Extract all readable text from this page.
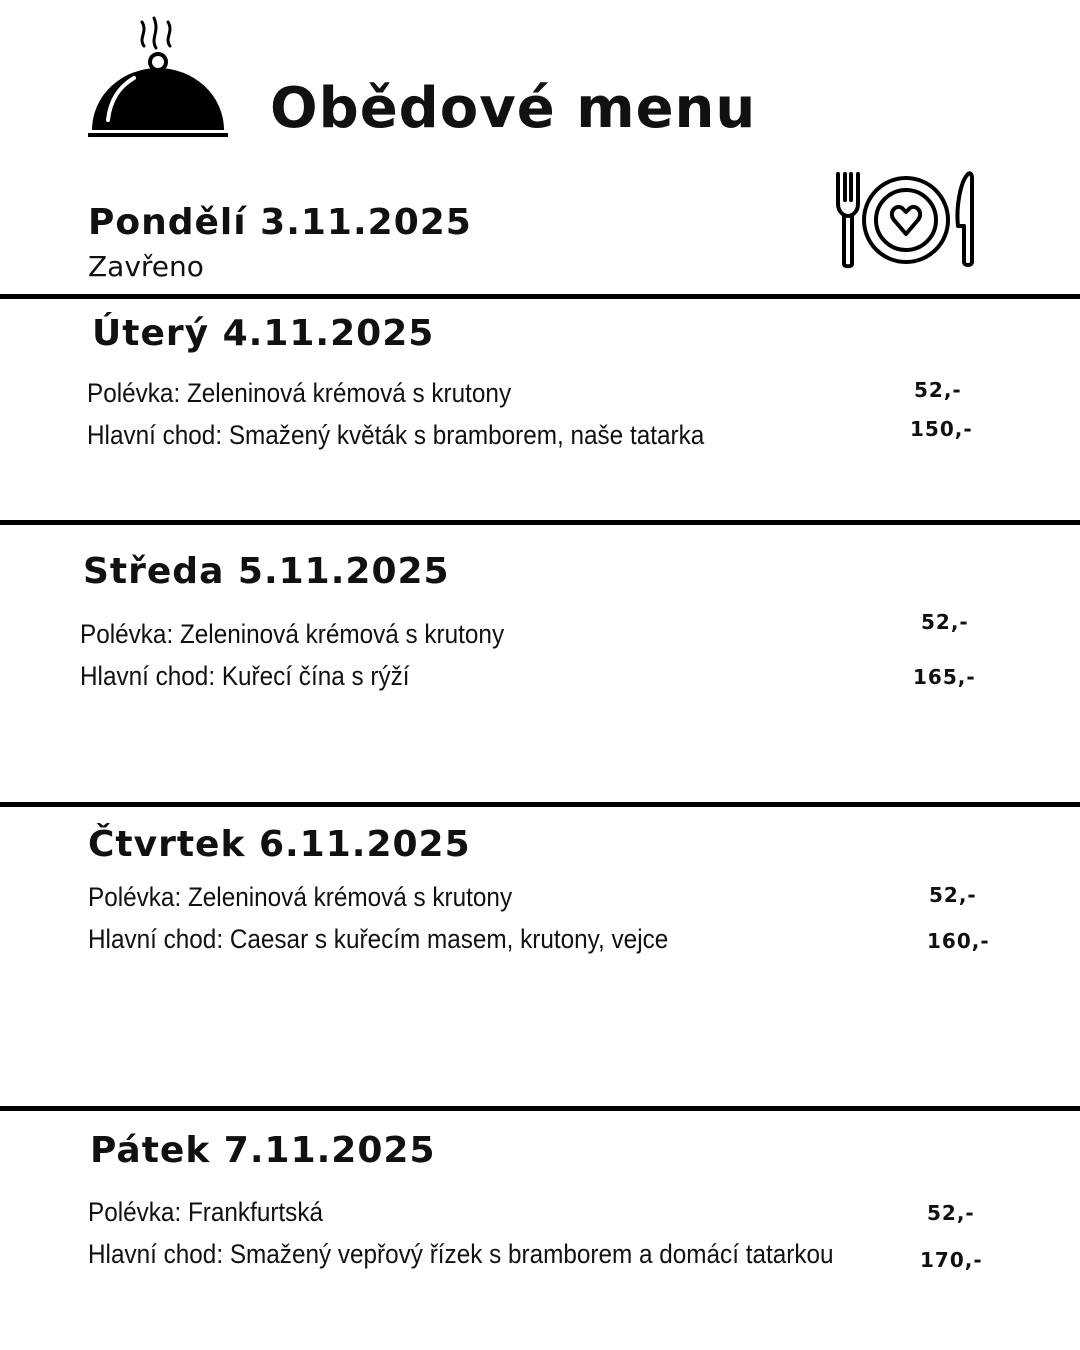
Obědové menu
Pondělí 3.11.2025
Zavřeno
Úterý 4.11.2025
Polévka: Zeleninová krémová s krutony	52,-
Hlavní chod: Smažený květák s bramborem, naše tatarka	150,-
Středa 5.11.2025
Polévka: Zeleninová krémová s krutony	52,-
Hlavní chod: Kuřecí čína s rýží	165,-
Čtvrtek 6.11.2025
Polévka: Zeleninová krémová s krutony	52,-
Hlavní chod: Caesar s kuřecím masem, krutony, vejce	160,-
Pátek 7.11.2025
Polévka: Frankfurtská	52,-
Hlavní chod: Smažený vepřový řízek s bramborem a domácí tatarkou	170,-
